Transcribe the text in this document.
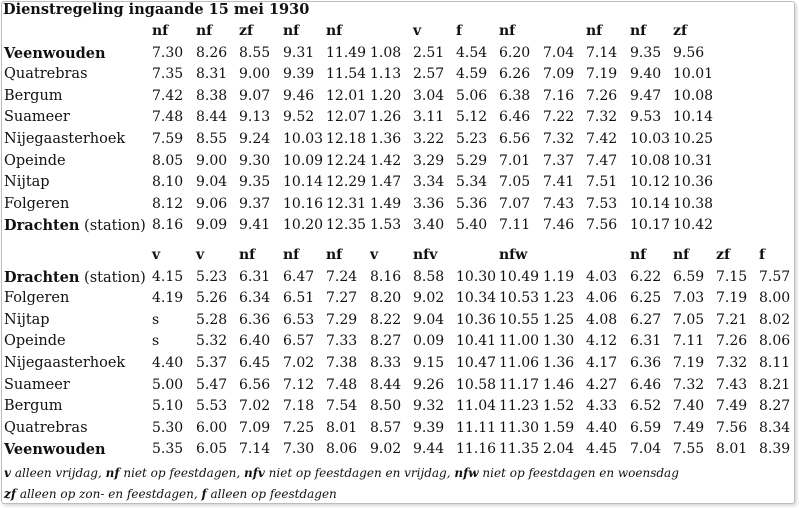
Dienstregeling ingaande 15 mei 1930
nf nf zf nf nf	v f	nf	nf nf zf
Veenwouden	7.30 8.26 8.55 9.31 11.49 1.08 2.51 4.54 6.20 7.04 7.14 9.35 9.56
Quatrebras	7.35 8.31 9.00 9.39 11.54 1.13 2.57 4.59 6.26 7.09 7.19 9.40 10.01
Bergum	7.42 8.38 9.07 9.46 12.01 1.20 3.04 5.06 6.38 7.16 7.26 9.47 10.08
Suameer	7.48 8.44 9.13 9.52 12.07 1.26 3.11 5.12 6.46 7.22 7.32 9.53 10.14
Nijegaasterhoek 7.59 8.55 9.24 10.03 12.18 1.36 3.22 5.23 6.56 7.32 7.42 10.03 10.25
Opeinde	8.05 9.00 9.30 10.09 12.24 1.42 3.29 5.29 7.01 7.37 7.47 10.08 10.31
Nijtap	8.10 9.04 9.35 10.14 12.29 1.47 3.34 5.34 7.05 7.41 7.51 10.12 10.36
Folgeren	8.12 9.06 9.37 10.16 12.31 1.49 3.36 5.36 7.07 7.43 7.53 10.14 10.38
Drachten (station) 8.16 9.09 9.41 10.20 12.35 1.53 3.40 5.40 7.11 7.46 7.56 10.17 10.42
v	v nf nf nf v nfv	nfw	nf nf zf f
Drachten (station) 4.15 5.23 6.31 6.47 7.24 8.16 8.58 10.30 10.49 1.19 4.03 6.22 6.59 7.15 7.57
Folgeren	4.19 5.26 6.34 6.51 7.27 8.20 9.02 10.34 10.53 1.23 4.06 6.25 7.03 7.19 8.00
Nijtap	s	5.28 6.36 6.53 7.29 8.22 9.04 10.36 10.55 1.25 4.08 6.27 7.05 7.21 8.02
Opeinde	s	5.32 6.40 6.57 7.33 8.27 0.09 10.41 11.00 1.30 4.12 6.31 7.11 7.26 8.06
Nijegaasterhoek 4.40 5.37 6.45 7.02 7.38 8.33 9.15 10.47 11.06 1.36 4.17 6.36 7.19 7.32 8.11
Suameer	5.00 5.47 6.56 7.12 7.48 8.44 9.26 10.58 11.17 1.46 4.27 6.46 7.32 7.43 8.21
Bergum	5.10 5.53 7.02 7.18 7.54 8.50 9.32 11.04 11.23 1.52 4.33 6.52 7.40 7.49 8.27
Quatrebras	5.30 6.00 7.09 7.25 8.01 8.57 9.39 11.11 11.30 1.59 4.40 6.59 7.49 7.56 8.34
Veenwouden	5.35 6.05 7.14 7.30 8.06 9.02 9.44 11.16 11.35 2.04 4.45 7.04 7.55 8.01 8.39
v alleen vrijdag, nf niet op feestdagen, nfv niet op feestdagen en vrijdag, nfw niet op feestdagen en woensdag
zf alleen op zon- en feestdagen, f alleen op feestdagen
